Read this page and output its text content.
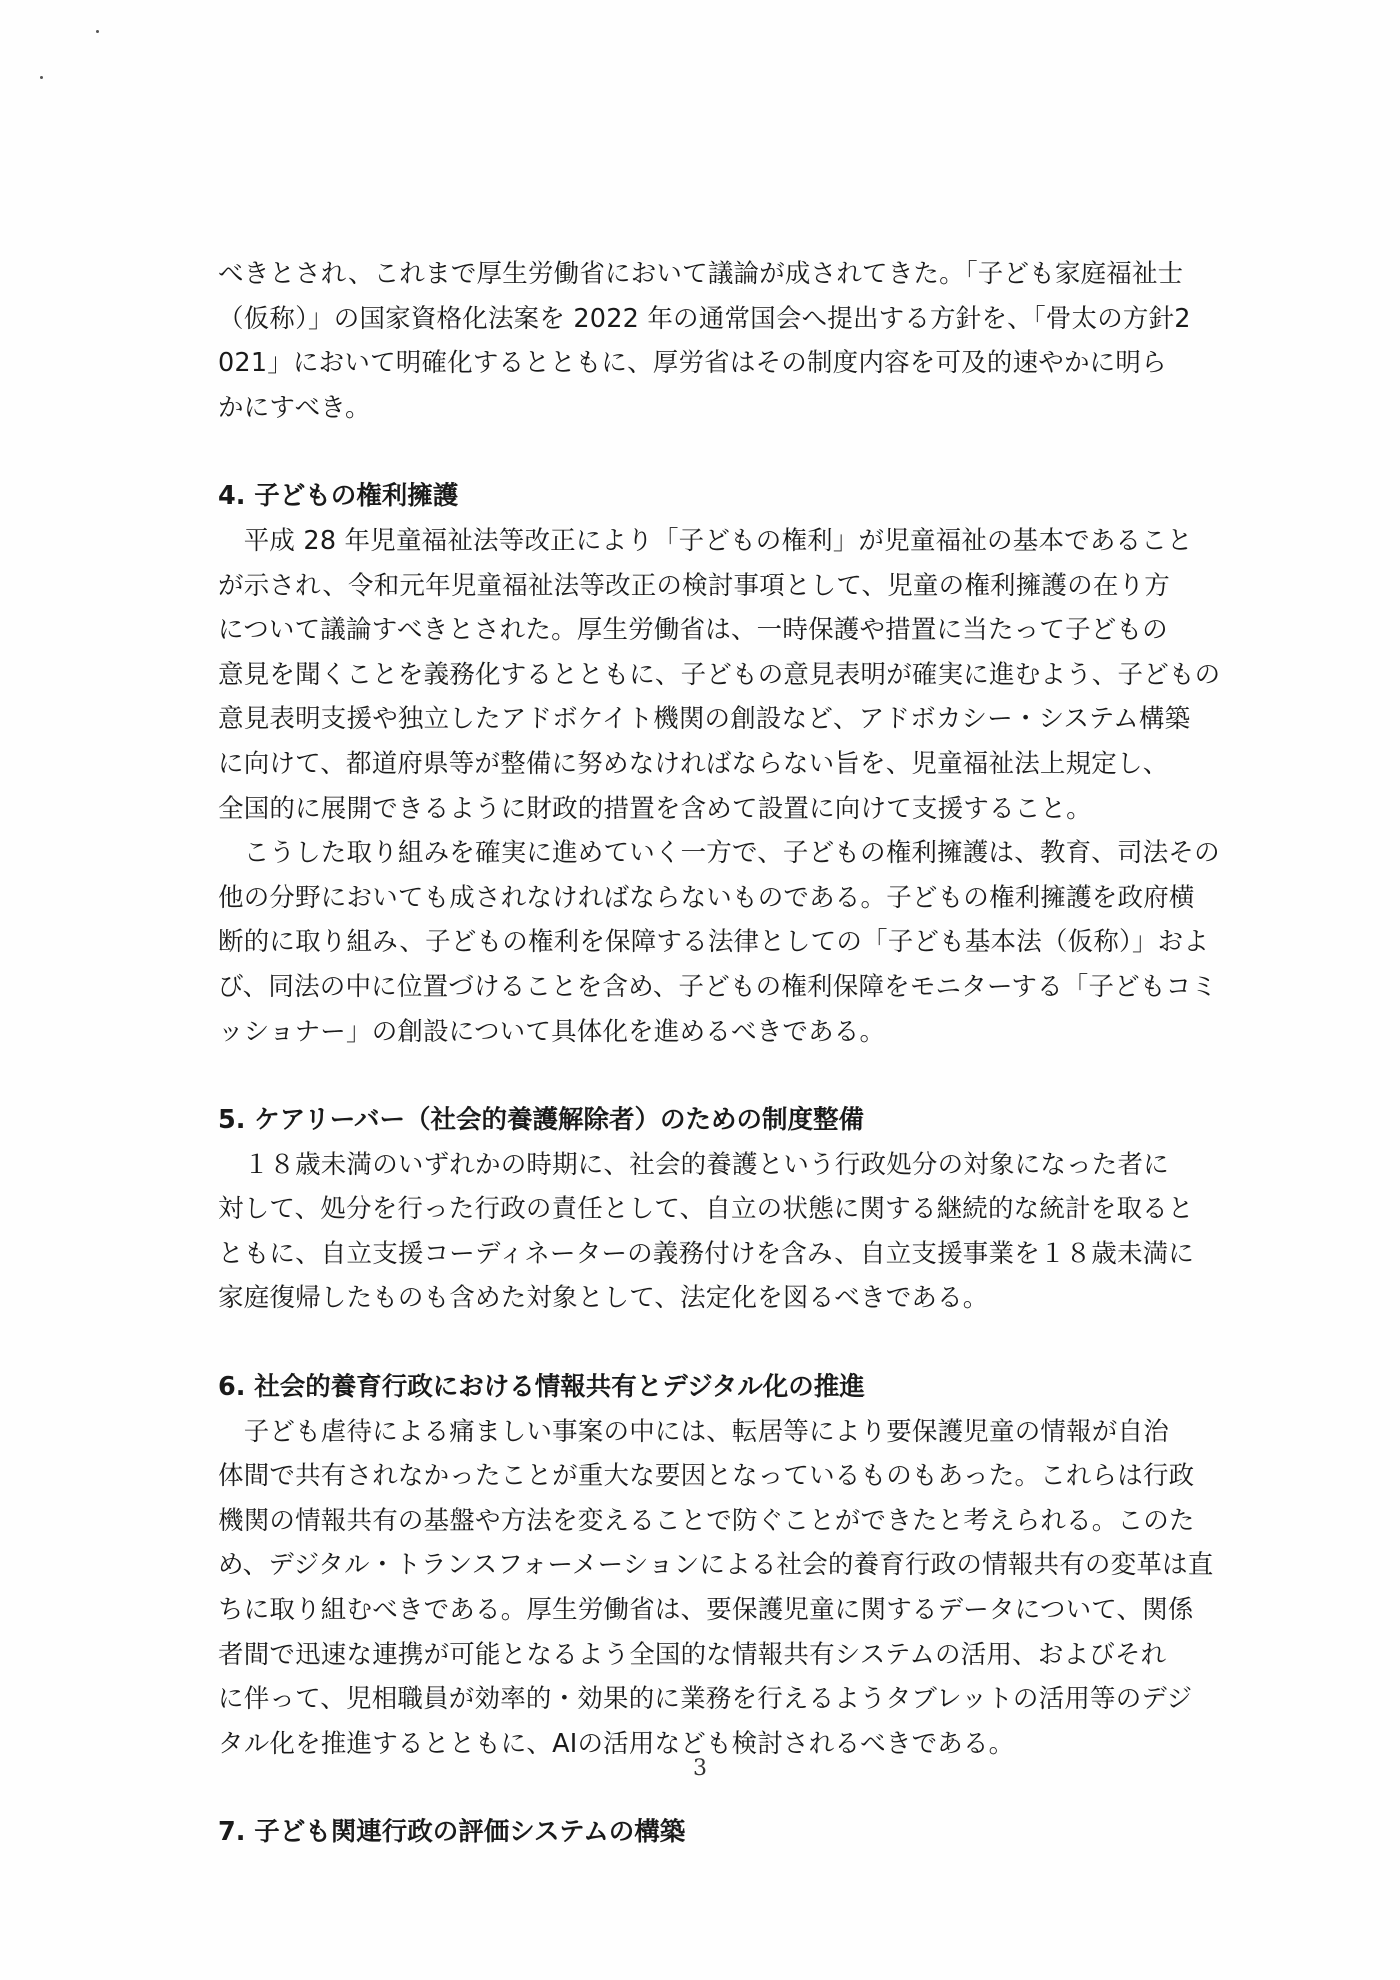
べきとされ、これまで厚生労働省において議論が成されてきた。「子ども家庭福祉士
（仮称）」の国家資格化法案を 2022 年の通常国会へ提出する方針を、「骨太の方針2
021」において明確化するとともに、厚労省はその制度内容を可及的速やかに明ら
かにすべき。

4. 子どもの権利擁護

　平成 28 年児童福祉法等改正により「子どもの権利」が児童福祉の基本であること
が示され、令和元年児童福祉法等改正の検討事項として、児童の権利擁護の在り方
について議論すべきとされた。厚生労働省は、一時保護や措置に当たって子どもの
意見を聞くことを義務化するとともに、子どもの意見表明が確実に進むよう、子どもの
意見表明支援や独立したアドボケイト機関の創設など、アドボカシー・システム構築
に向けて、都道府県等が整備に努めなければならない旨を、児童福祉法上規定し、
全国的に展開できるように財政的措置を含めて設置に向けて支援すること。

　こうした取り組みを確実に進めていく一方で、子どもの権利擁護は、教育、司法その
他の分野においても成されなければならないものである。子どもの権利擁護を政府横
断的に取り組み、子どもの権利を保障する法律としての「子ども基本法（仮称）」およ
び、同法の中に位置づけることを含め、子どもの権利保障をモニターする「子どもコミ
ッショナー」の創設について具体化を進めるべきである。

5. ケアリーバー（社会的養護解除者）のための制度整備

　１８歳未満のいずれかの時期に、社会的養護という行政処分の対象になった者に
対して、処分を行った行政の責任として、自立の状態に関する継続的な統計を取ると
ともに、自立支援コーディネーターの義務付けを含み、自立支援事業を１８歳未満に
家庭復帰したものも含めた対象として、法定化を図るべきである。

6. 社会的養育行政における情報共有とデジタル化の推進

　子ども虐待による痛ましい事案の中には、転居等により要保護児童の情報が自治
体間で共有されなかったことが重大な要因となっているものもあった。これらは行政
機関の情報共有の基盤や方法を変えることで防ぐことができたと考えられる。このた
め、デジタル・トランスフォーメーションによる社会的養育行政の情報共有の変革は直
ちに取り組むべきである。厚生労働省は、要保護児童に関するデータについて、関係
者間で迅速な連携が可能となるよう全国的な情報共有システムの活用、およびそれ
に伴って、児相職員が効率的・効果的に業務を行えるようタブレットの活用等のデジ
タル化を推進するとともに、AIの活用なども検討されるべきである。

7. 子ども関連行政の評価システムの構築
3
